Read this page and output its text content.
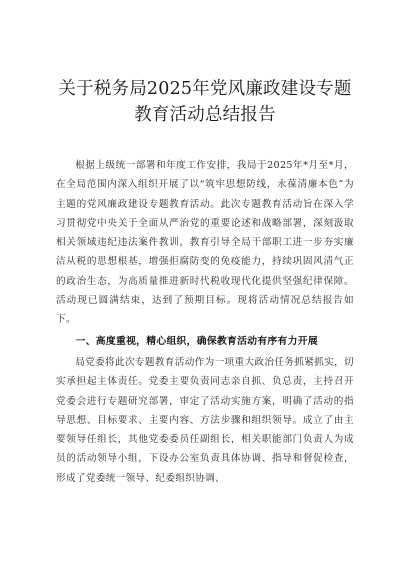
关于税务局2025年党风廉政建设专题
教育活动总结报告

根据上级统一部署和年度工作安排，我局于2025年*月至*月，在全局范围内深入组织开展了以“筑牢思想防线，永葆清廉本色”为主题的党风廉政建设专题教育活动。此次专题教育活动旨在深入学习贯彻党中央关于全面从严治党的重要论述和战略部署，深刻汲取相关领域违纪违法案件教训，教育引导全局干部职工进一步夯实廉洁从税的思想根基，增强拒腐防变的免疫能力，持续巩固风清气正的政治生态，为高质量推进新时代税收现代化提供坚强纪律保障。活动现已圆满结束，达到了预期目标。现将活动情况总结报告如下。

一、高度重视，精心组织，确保教育活动有序有力开展

局党委将此次专题教育活动作为一项重大政治任务抓紧抓实，切实承担起主体责任。党委主要负责同志亲自抓、负总责，主持召开党委会进行专题研究部署，审定了活动实施方案，明确了活动的指导思想、目标要求、主要内容、方法步骤和组织领导。成立了由主要领导任组长，其他党委委员任副组长，相关职能部门负责人为成员的活动领导小组，下设办公室负责具体协调、指导和督促检查，形成了党委统一领导、纪委组织协调、
